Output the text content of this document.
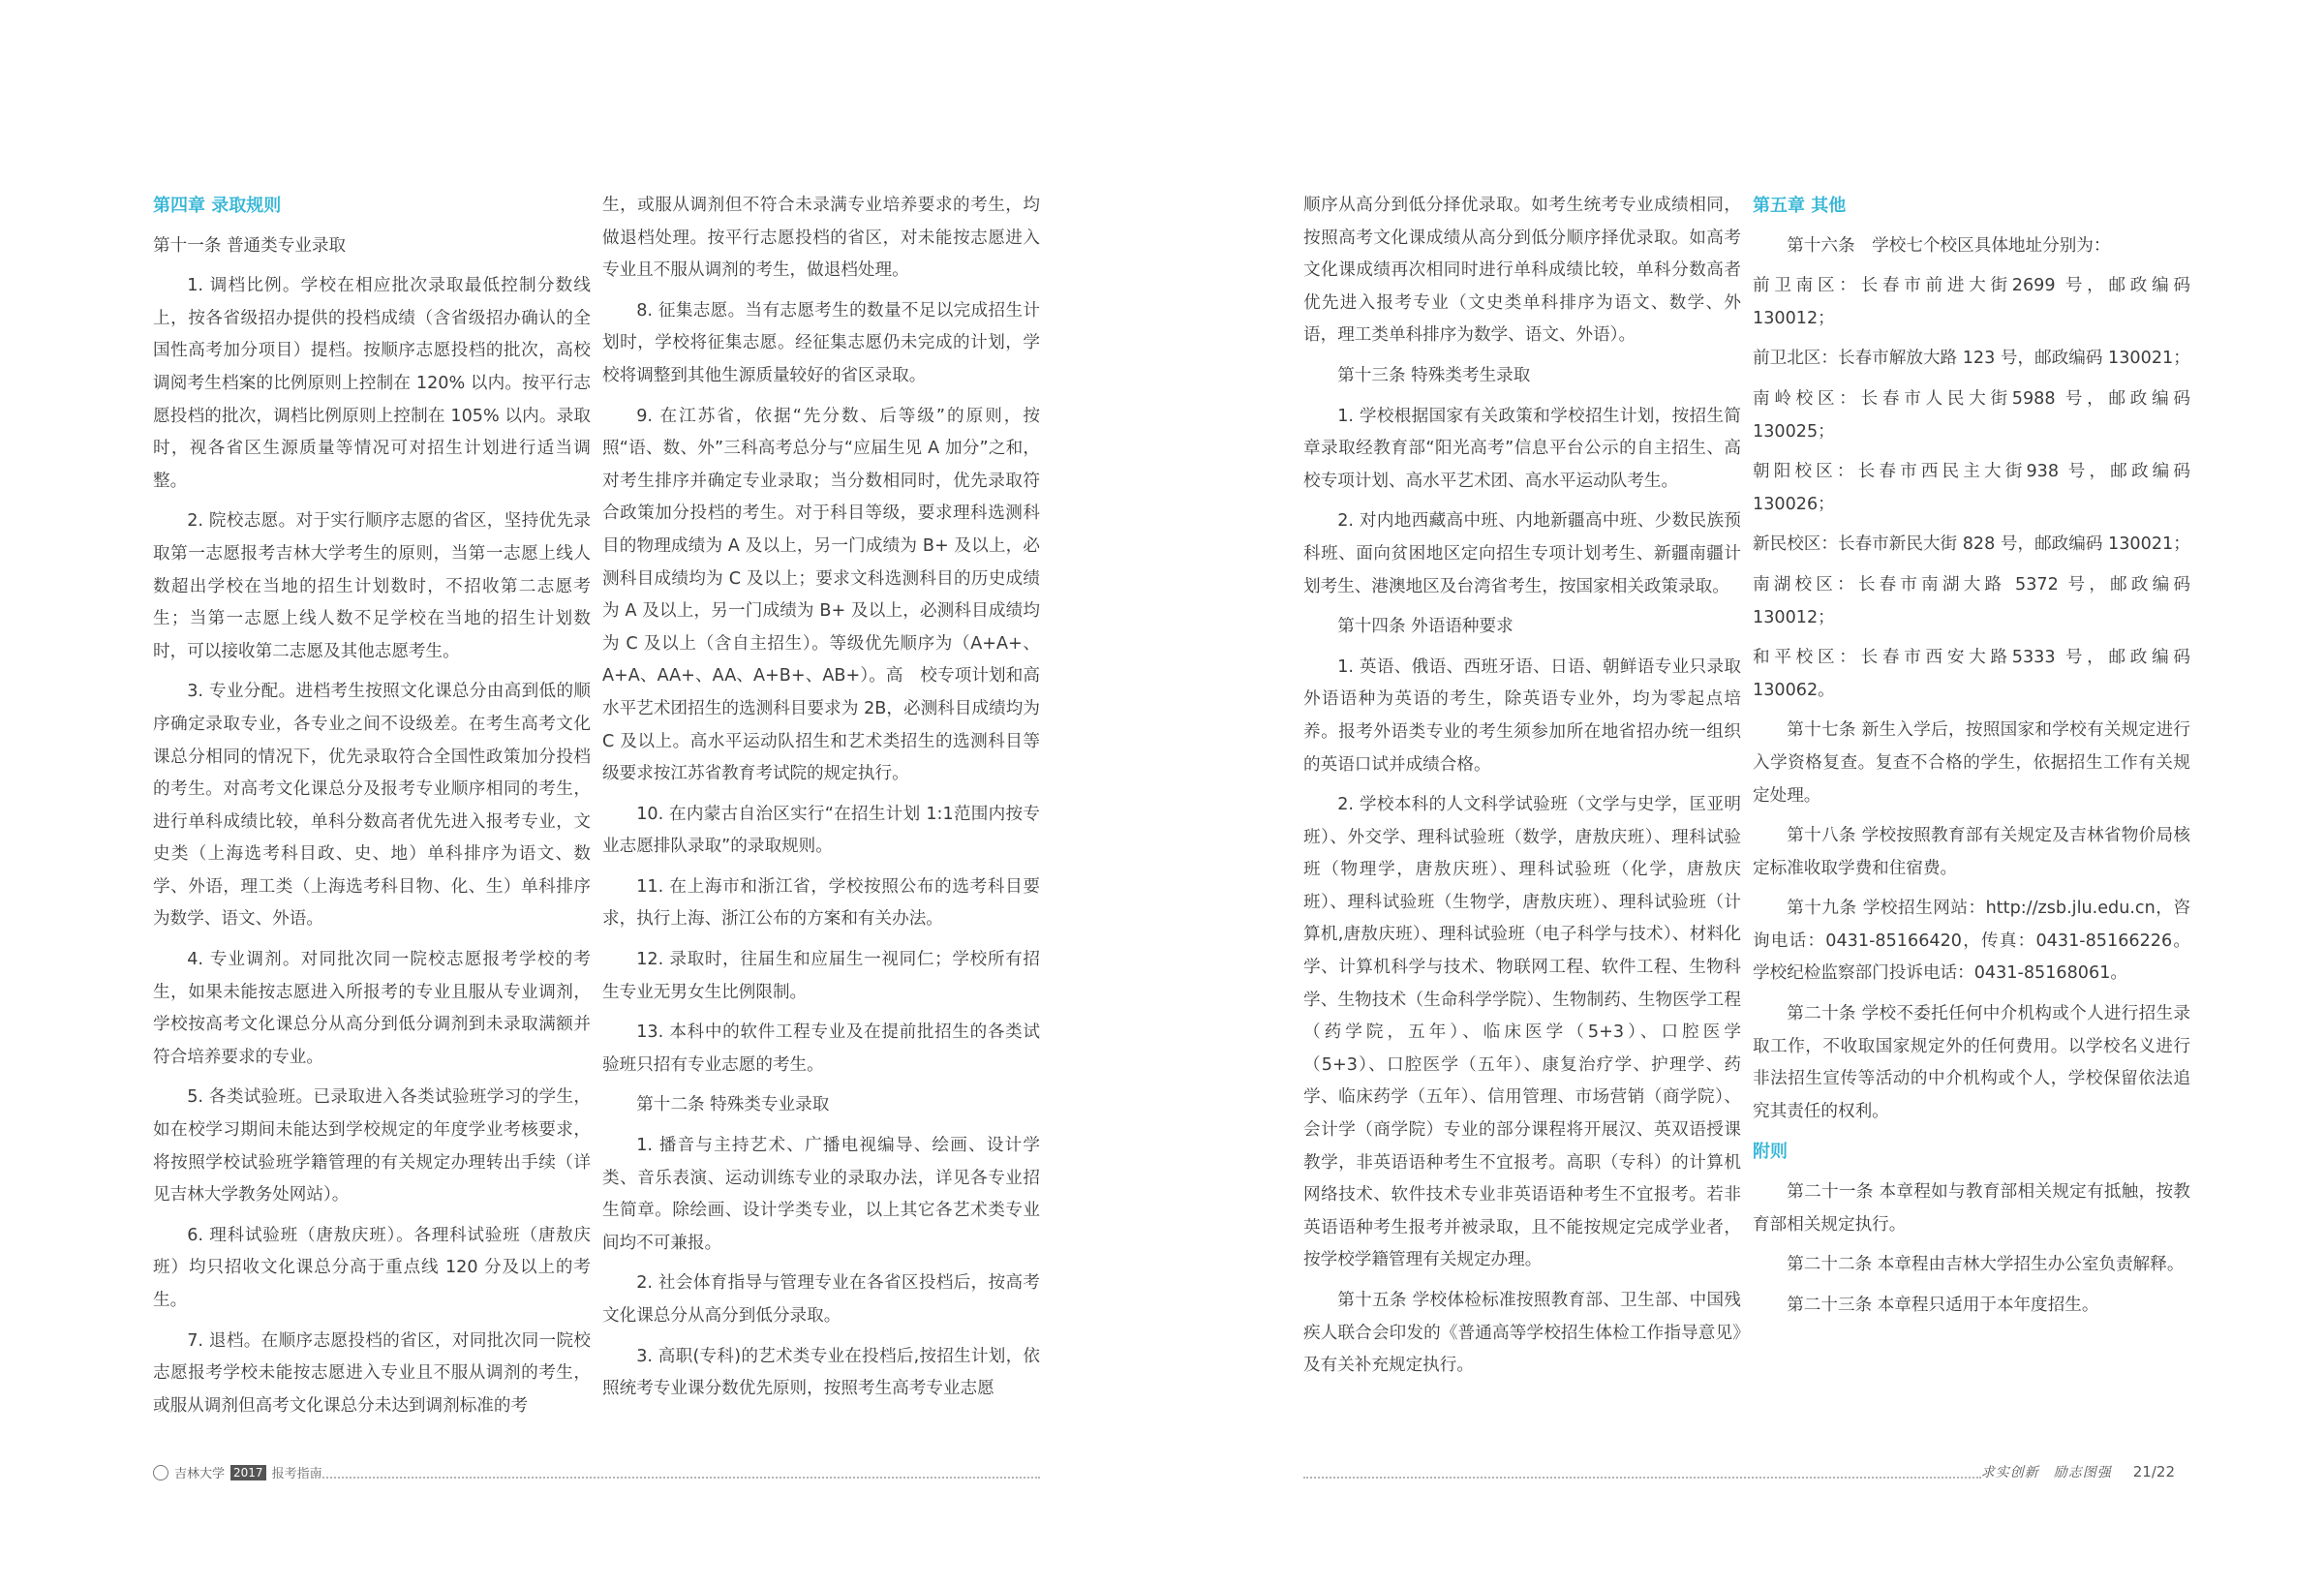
第四章 录取规则

第十一条 普通类专业录取

1. 调档比例。学校在相应批次录取最低控制分数线上，按各省级招办提供的投档成绩（含省级招办确认的全国性高考加分项目）提档。按顺序志愿投档的批次，高校调阅考生档案的比例原则上控制在 120% 以内。按平行志愿投档的批次，调档比例原则上控制在 105% 以内。录取时，视各省区生源质量等情况可对招生计划进行适当调整。

2. 院校志愿。对于实行顺序志愿的省区，坚持优先录取第一志愿报考吉林大学考生的原则，当第一志愿上线人数超出学校在当地的招生计划数时，不招收第二志愿考生；当第一志愿上线人数不足学校在当地的招生计划数时，可以接收第二志愿及其他志愿考生。

3. 专业分配。进档考生按照文化课总分由高到低的顺序确定录取专业，各专业之间不设级差。在考生高考文化课总分相同的情况下，优先录取符合全国性政策加分投档的考生。对高考文化课总分及报考专业顺序相同的考生，进行单科成绩比较，单科分数高者优先进入报考专业，文史类（上海选考科目政、史、地）单科排序为语文、数学、外语，理工类（上海选考科目物、化、生）单科排序为数学、语文、外语。

4. 专业调剂。对同批次同一院校志愿报考学校的考生，如果未能按志愿进入所报考的专业且服从专业调剂，学校按高考文化课总分从高分到低分调剂到未录取满额并符合培养要求的专业。

5. 各类试验班。已录取进入各类试验班学习的学生，如在校学习期间未能达到学校规定的年度学业考核要求，将按照学校试验班学籍管理的有关规定办理转出手续（详见吉林大学教务处网站）。

6. 理科试验班（唐敖庆班）。各理科试验班（唐敖庆班）均只招收文化课总分高于重点线 120 分及以上的考生。

7. 退档。在顺序志愿投档的省区，对同批次同一院校志愿报考学校未能按志愿进入专业且不服从调剂的考生，或服从调剂但高考文化课总分未达到调剂标准的考

生，或服从调剂但不符合未录满专业培养要求的考生，均做退档处理。按平行志愿投档的省区，对未能按志愿进入专业且不服从调剂的考生，做退档处理。

8. 征集志愿。当有志愿考生的数量不足以完成招生计划时，学校将征集志愿。经征集志愿仍未完成的计划，学校将调整到其他生源质量较好的省区录取。

9. 在江苏省，依据“先分数、后等级”的原则，按照“语、数、外”三科高考总分与“应届生见 A 加分”之和，对考生排序并确定专业录取；当分数相同时，优先录取符合政策加分投档的考生。对于科目等级，要求理科选测科目的物理成绩为 A 及以上，另一门成绩为 B+ 及以上，必测科目成绩均为 C 及以上；要求文科选测科目的历史成绩为 A 及以上，另一门成绩为 B+ 及以上，必测科目成绩均为 C 及以上（含自主招生）。等级优先顺序为（A+A+、A+A、AA+、AA、A+B+、AB+）。高　校专项计划和高水平艺术团招生的选测科目要求为 2B，必测科目成绩均为 C 及以上。高水平运动队招生和艺术类招生的选测科目等级要求按江苏省教育考试院的规定执行。

10. 在内蒙古自治区实行“在招生计划 1:1范围内按专业志愿排队录取”的录取规则。

11. 在上海市和浙江省，学校按照公布的选考科目要求，执行上海、浙江公布的方案和有关办法。

12. 录取时，往届生和应届生一视同仁；学校所有招生专业无男女生比例限制。

13. 本科中的软件工程专业及在提前批招生的各类试验班只招有专业志愿的考生。

第十二条 特殊类专业录取

1. 播音与主持艺术、广播电视编导、绘画、设计学类、音乐表演、运动训练专业的录取办法，详见各专业招生简章。除绘画、设计学类专业，以上其它各艺术类专业间均不可兼报。

2. 社会体育指导与管理专业在各省区投档后，按高考文化课总分从高分到低分录取。

3. 高职(专科)的艺术类专业在投档后,按招生计划，依照统考专业课分数优先原则，按照考生高考专业志愿

顺序从高分到低分择优录取。如考生统考专业成绩相同，按照高考文化课成绩从高分到低分顺序择优录取。如高考文化课成绩再次相同时进行单科成绩比较，单科分数高者优先进入报考专业（文史类单科排序为语文、数学、外语，理工类单科排序为数学、语文、外语）。

第十三条 特殊类考生录取

1. 学校根据国家有关政策和学校招生计划，按招生简章录取经教育部“阳光高考”信息平台公示的自主招生、高校专项计划、高水平艺术团、高水平运动队考生。

2. 对内地西藏高中班、内地新疆高中班、少数民族预科班、面向贫困地区定向招生专项计划考生、新疆南疆计划考生、港澳地区及台湾省考生，按国家相关政策录取。

第十四条 外语语种要求

1. 英语、俄语、西班牙语、日语、朝鲜语专业只录取外语语种为英语的考生，除英语专业外，均为零起点培养。报考外语类专业的考生须参加所在地省招办统一组织的英语口试并成绩合格。

2. 学校本科的人文科学试验班（文学与史学，匡亚明班）、外交学、理科试验班（数学，唐敖庆班）、理科试验班（物理学，唐敖庆班）、理科试验班（化学，唐敖庆班）、理科试验班（生物学，唐敖庆班）、理科试验班（计算机,唐敖庆班）、理科试验班（电子科学与技术）、材料化学、计算机科学与技术、物联网工程、软件工程、生物科学、生物技术（生命科学学院）、生物制药、生物医学工程（药学院，五年）、临床医学（5+3）、口腔医学（5+3）、口腔医学（五年）、康复治疗学、护理学、药学、临床药学（五年）、信用管理、市场营销（商学院）、会计学（商学院）专业的部分课程将开展汉、英双语授课教学，非英语语种考生不宜报考。高职（专科）的计算机网络技术、软件技术专业非英语语种考生不宜报考。若非英语语种考生报考并被录取，且不能按规定完成学业者，按学校学籍管理有关规定办理。

第十五条 学校体检标准按照教育部、卫生部、中国残疾人联合会印发的《普通高等学校招生体检工作指导意见》及有关补充规定执行。

第五章 其他

第十六条　学校七个校区具体地址分别为：

前卫南区：长春市前进大街2699 号，邮政编码 130012；

前卫北区：长春市解放大路 123 号，邮政编码 130021；

南岭校区：长春市人民大街5988 号，邮政编码 130025；

朝阳校区：长春市西民主大街938 号，邮政编码 130026；

新民校区：长春市新民大街 828 号，邮政编码 130021；

南湖校区：长春市南湖大路 5372 号，邮政编码 130012；

和平校区：长春市西安大路5333 号，邮政编码 130062。

第十七条 新生入学后，按照国家和学校有关规定进行入学资格复查。复查不合格的学生，依据招生工作有关规定处理。

第十八条 学校按照教育部有关规定及吉林省物价局核定标准收取学费和住宿费。

第十九条 学校招生网站：http://zsb.jlu.edu.cn，咨询电话：0431-85166420，传真：0431-85166226。学校纪检监察部门投诉电话：0431-85168061。

第二十条 学校不委托任何中介机构或个人进行招生录取工作，不收取国家规定外的任何费用。以学校名义进行非法招生宣传等活动的中介机构或个人，学校保留依法追究其责任的权利。

附则

第二十一条 本章程如与教育部相关规定有抵触，按教育部相关规定执行。

第二十二条 本章程由吉林大学招生办公室负责解释。

第二十三条 本章程只适用于本年度招生。

吉林大学 2017 报考指南	求实创新　励志图强 21/22
